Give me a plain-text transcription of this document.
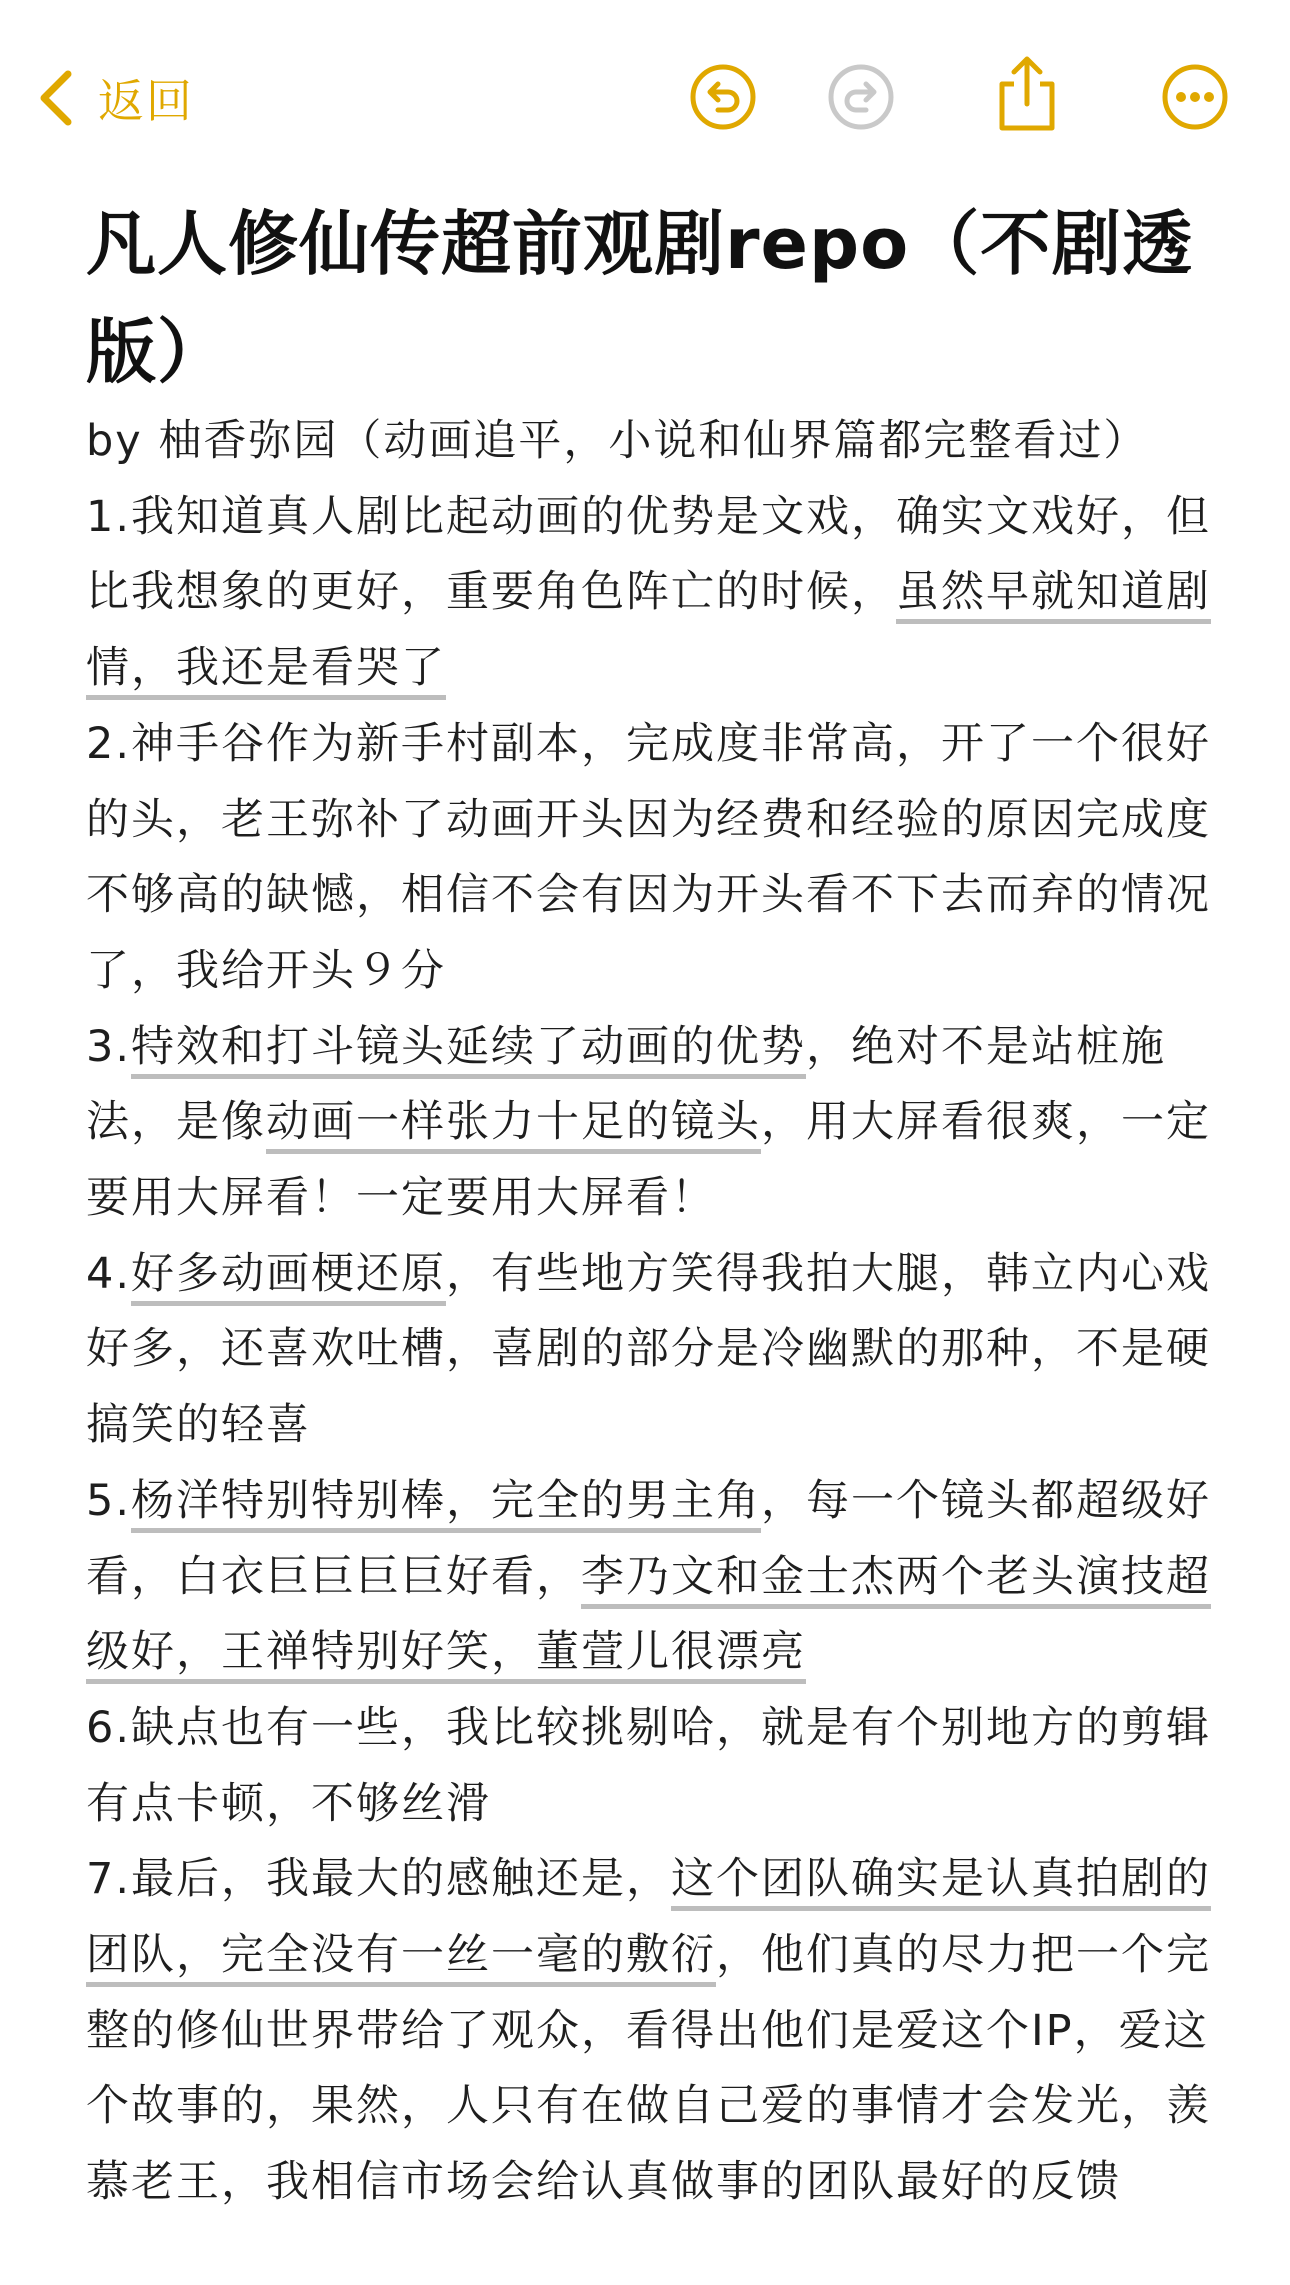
返回
凡人修仙传超前观剧repo（不剧透版）
by 柚香弥园（动画追平，小说和仙界篇都完整看过）
1.我知道真人剧比起动画的优势是文戏，确实文戏好，但比我想象的更好，重要角色阵亡的时候，虽然早就知道剧情，我还是看哭了
2.神手谷作为新手村副本，完成度非常高，开了一个很好的头，老王弥补了动画开头因为经费和经验的原因完成度不够高的缺憾，相信不会有因为开头看不下去而弃的情况了，我给开头９分
3.特效和打斗镜头延续了动画的优势，绝对不是站桩施法，是像动画一样张力十足的镜头，用大屏看很爽，一定要用大屏看！一定要用大屏看！
4.好多动画梗还原，有些地方笑得我拍大腿，韩立内心戏好多，还喜欢吐槽，喜剧的部分是冷幽默的那种，不是硬搞笑的轻喜
5.杨洋特别特别棒，完全的男主角，每一个镜头都超级好看，白衣巨巨巨巨好看，李乃文和金士杰两个老头演技超级好，王禅特别好笑，董萱儿很漂亮
6.缺点也有一些，我比较挑剔哈，就是有个别地方的剪辑有点卡顿，不够丝滑
7.最后，我最大的感触还是，这个团队确实是认真拍剧的团队，完全没有一丝一毫的敷衍，他们真的尽力把一个完整的修仙世界带给了观众，看得出他们是爱这个IP，爱这个故事的，果然，人只有在做自己爱的事情才会发光，羡慕老王，我相信市场会给认真做事的团队最好的反馈
